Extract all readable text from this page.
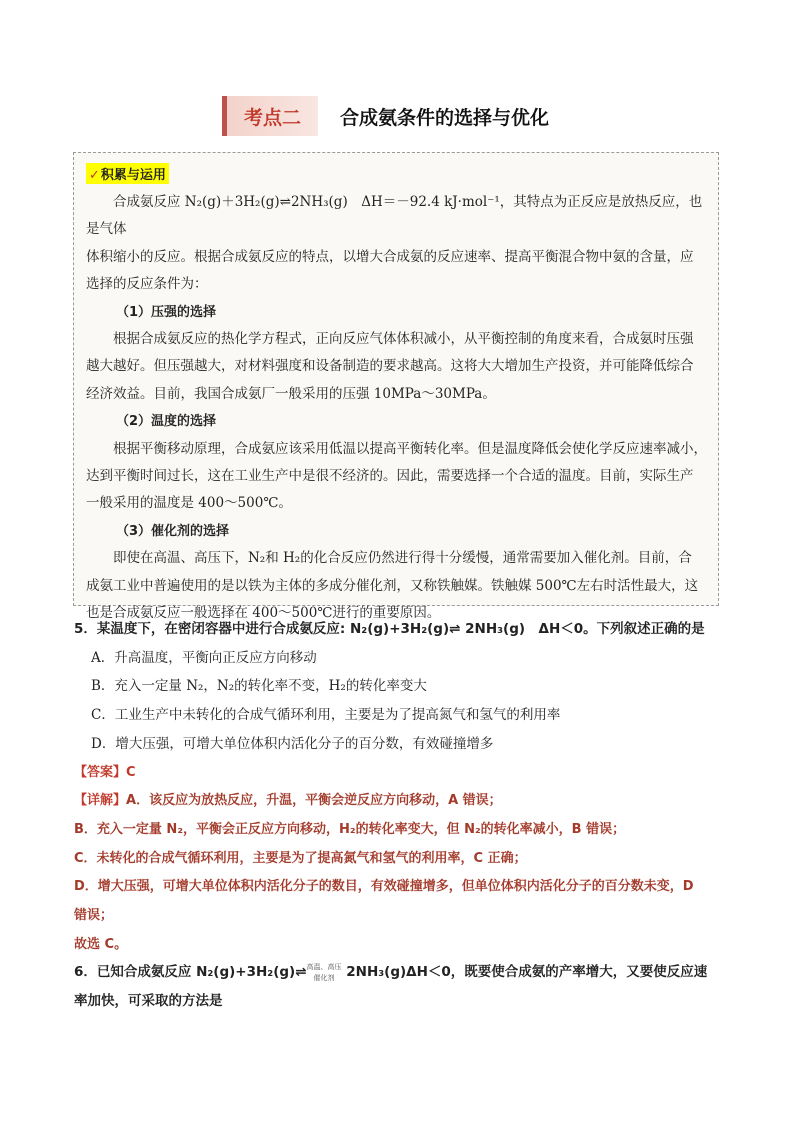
考点二	合成氨条件的选择与优化
✓积累与运用

合成氨反应 N₂(g)＋3H₂(g)⇌2NH₃(g)　ΔH＝－92.4 kJ·mol⁻¹，其特点为正反应是放热反应，也是气体

体积缩小的反应。根据合成氨反应的特点，以增大合成氨的反应速率、提高平衡混合物中氨的含量，应

选择的反应条件为：

（1）压强的选择

根据合成氨反应的热化学方程式，正向反应气体体积减小，从平衡控制的角度来看，合成氨时压强

越大越好。但压强越大，对材料强度和设备制造的要求越高。这将大大增加生产投资，并可能降低综合

经济效益。目前，我国合成氨厂一般采用的压强 10MPa～30MPa。

（2）温度的选择

根据平衡移动原理，合成氨应该采用低温以提高平衡转化率。但是温度降低会使化学反应速率减小，

达到平衡时间过长，这在工业生产中是很不经济的。因此，需要选择一个合适的温度。目前，实际生产

一般采用的温度是 400～500℃。

（3）催化剂的选择

即使在高温、高压下，N₂和 H₂的化合反应仍然进行得十分缓慢，通常需要加入催化剂。目前，合

成氨工业中普遍使用的是以铁为主体的多成分催化剂，又称铁触媒。铁触媒 500℃左右时活性最大，这

也是合成氨反应一般选择在 400～500℃进行的重要原因。

5．某温度下，在密闭容器中进行合成氨反应: N₂(g)+3H₂(g)⇌ 2NH₃(g)　ΔH＜0。下列叙述正确的是

A．升高温度，平衡向正反应方向移动

B．充入一定量 N₂，N₂的转化率不变，H₂的转化率变大

C．工业生产中未转化的合成气循环利用，主要是为了提高氮气和氢气的利用率

D．增大压强，可增大单位体积内活化分子的百分数，有效碰撞增多

【答案】C

【详解】A．该反应为放热反应，升温，平衡会逆反应方向移动，A 错误；

B．充入一定量 N₂，平衡会正反应方向移动，H₂的转化率变大，但 N₂的转化率减小，B 错误；

C．未转化的合成气循环利用，主要是为了提高氮气和氢气的利用率，C 正确；

D．增大压强，可增大单位体积内活化分子的数目，有效碰撞增多，但单位体积内活化分子的百分数未变，D

错误；

故选 C。

6．已知合成氨反应 N₂(g)+3H₂(g)⇌高温、高压
催化剂 2NH₃(g)ΔH＜0，既要使合成氨的产率增大，又要使反应速

率加快，可采取的方法是
